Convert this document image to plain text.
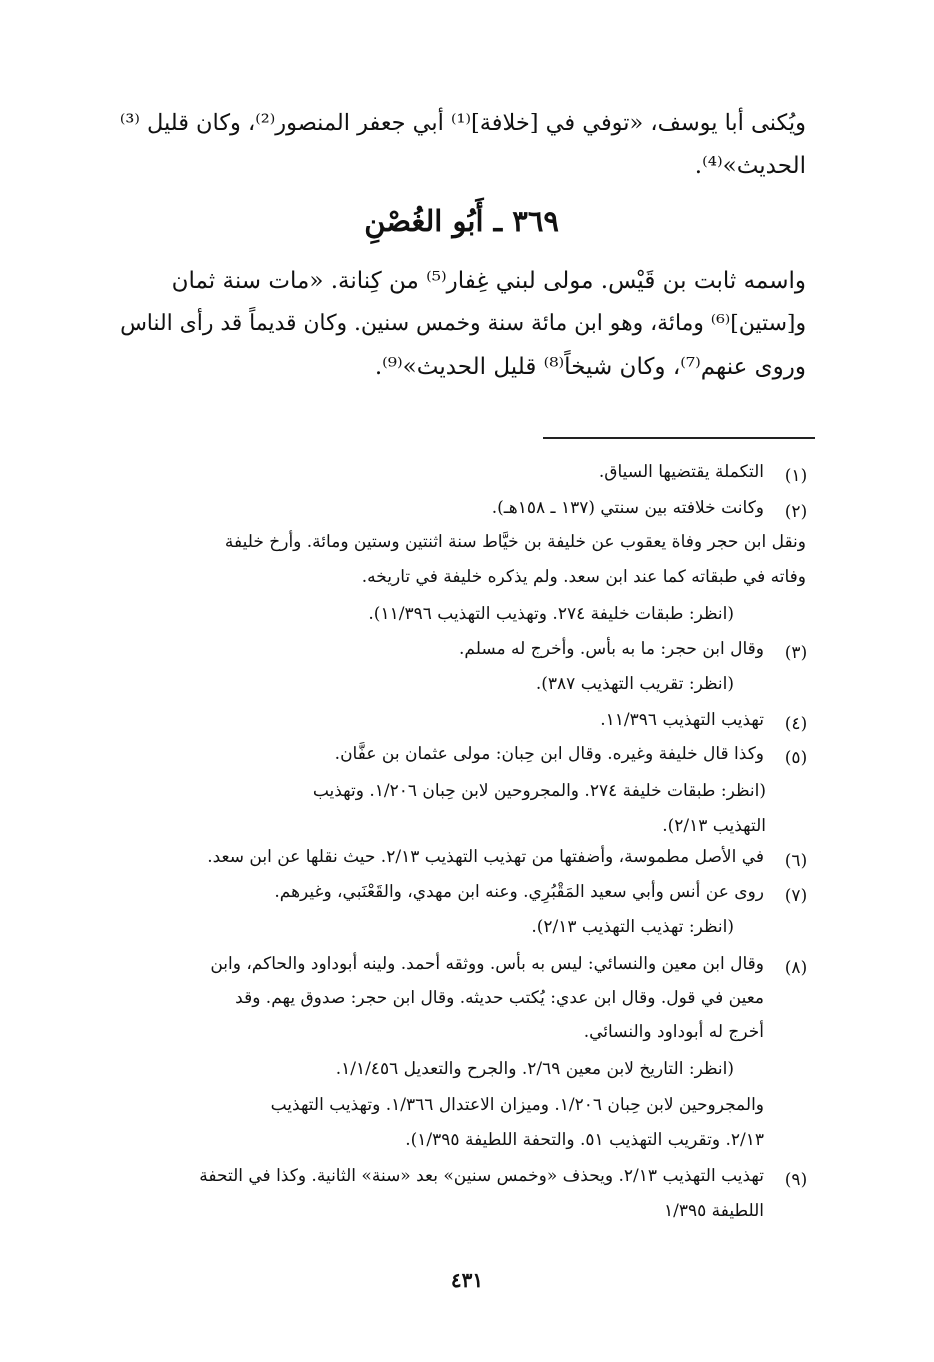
ويُكنى أبا يوسف، «توفي في [خلافة]⁽¹⁾ أبي جعفر المنصور⁽²⁾، وكان قليل ⁽³⁾
الحديث»⁽⁴⁾.
٣٦٩ ـ أَبُو الغُصْنِ
واسمه ثابت بن قَيْس. مولى لبني غِفار⁽⁵⁾ من كِنانة. «مات سنة ثمان
و[ستين]⁽⁶⁾ ومائة، وهو ابن مائة سنة وخمس سنين. وكان قديماً قد رأى الناس
وروى عنهم⁽⁷⁾، وكان شيخاً⁽⁸⁾ قليل الحديث»⁽⁹⁾.
(١)
التكملة يقتضيها السياق.
(٢)
وكانت خلافته بين سنتي (١٣٧ ـ ١٥٨هـ).
ونقل ابن حجر وفاة يعقوب عن خليفة بن خيَّاط سنة اثنتين وستين ومائة. وأرخ خليفة
وفاته في طبقاته كما عند ابن سعد. ولم يذكره خليفة في تاريخه.
(انظر: طبقات خليفة ٢٧٤. وتهذيب التهذيب ١١/٣٩٦).
(٣)
وقال ابن حجر: ما به بأس. وأخرج له مسلم.
(انظر: تقريب التهذيب ٣٨٧).
(٤)
تهذيب التهذيب ١١/٣٩٦.
(٥)
وكذا قال خليفة وغيره. وقال ابن حِبان: مولى عثمان بن عفَّان.
(انظر: طبقات خليفة ٢٧٤. والمجروحين لابن حِبان ١/٢٠٦. وتهذيب
التهذيب ٢/١٣).
(٦)
في الأصل مطموسة، وأضفتها من تهذيب التهذيب ٢/١٣. حيث نقلها عن ابن سعد.
(٧)
روى عن أنس وأبي سعيد المَقْبُرِي. وعنه ابن مهدي، والقَعْنَبي، وغيرهم.
(انظر: تهذيب التهذيب ٢/١٣).
(٨)
وقال ابن معين والنسائي: ليس به بأس. ووثقه أحمد. ولينه أبوداود والحاكم، وابن
معين في قول. وقال ابن عدي: يُكتب حديثه. وقال ابن حجر: صدوق يهم. وقد
أخرج له أبوداود والنسائي.
(انظر: التاريخ لابن معين ٢/٦٩. والجرح والتعديل ١/١/٤٥٦.
والمجروحين لابن حِبان ١/٢٠٦. وميزان الاعتدال ١/٣٦٦. وتهذيب التهذيب
٢/١٣. وتقريب التهذيب ٥١. والتحفة اللطيفة ١/٣٩٥).
(٩)
تهذيب التهذيب ٢/١٣. ويحذف «وخمس سنين» بعد «سنة» الثانية. وكذا في التحفة
اللطيفة ١/٣٩٥
٤٣١
